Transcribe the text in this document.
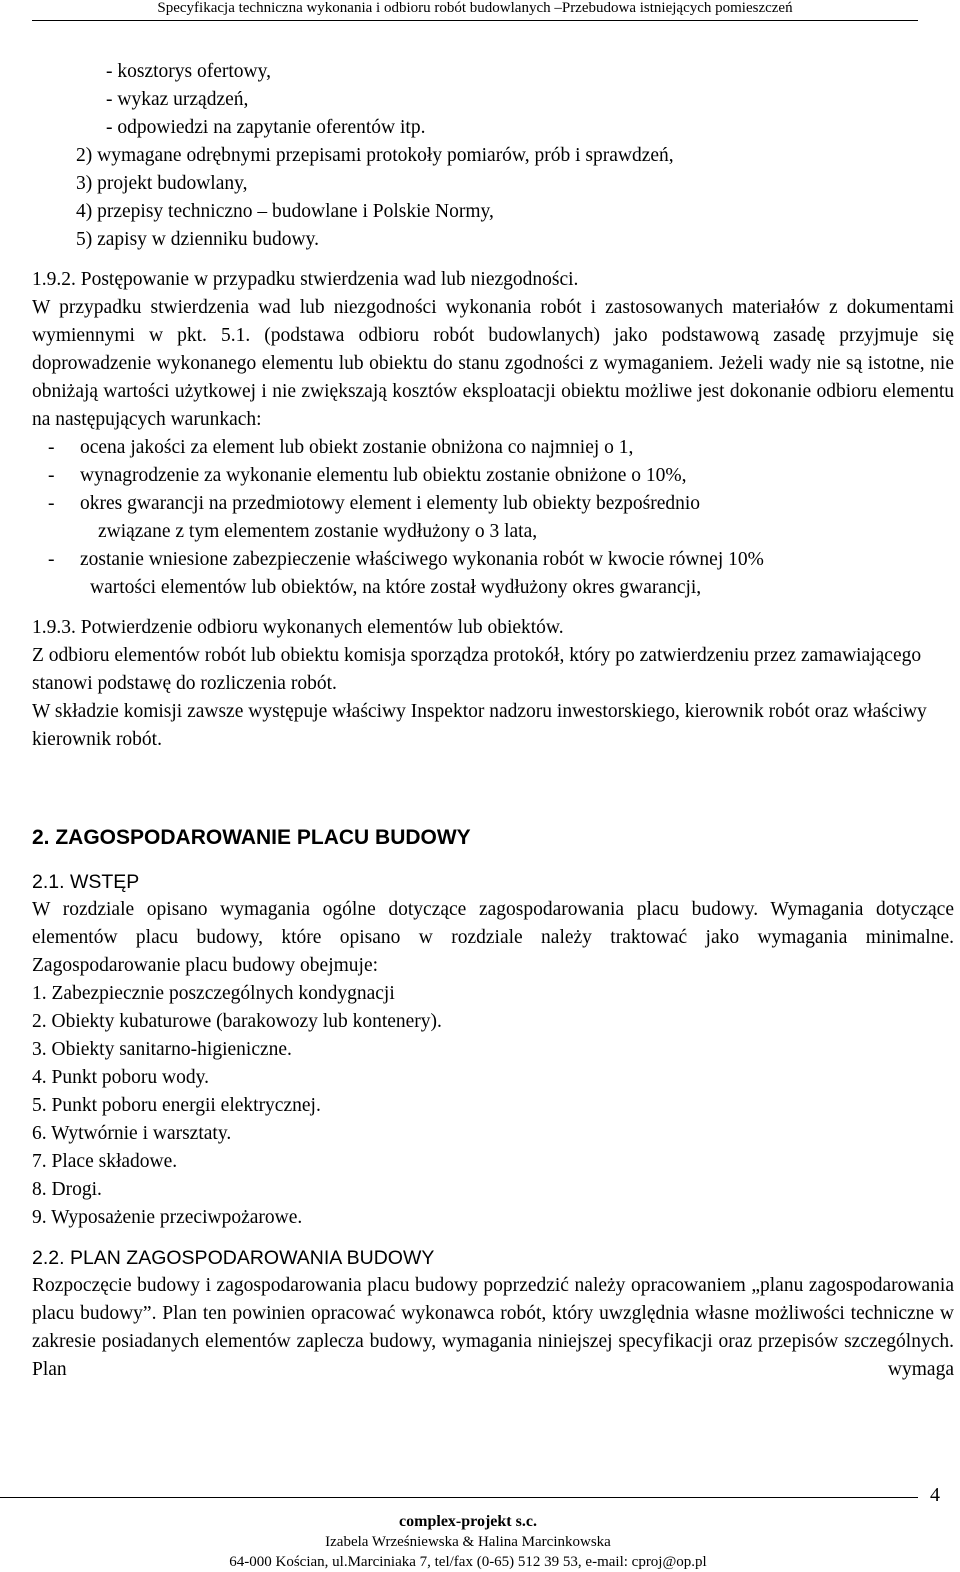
Specyfikacja techniczna wykonania i odbioru robót budowlanych –Przebudowa istniejących pomieszczeń

- kosztorys ofertowy,

- wykaz urządzeń,

- odpowiedzi na zapytanie oferentów itp.

2) wymagane odrębnymi przepisami protokoły pomiarów, prób i sprawdzeń,

3) projekt budowlany,

4) przepisy techniczno – budowlane i Polskie Normy,

5) zapisy w dzienniku budowy.

1.9.2. Postępowanie w przypadku stwierdzenia wad lub niezgodności.

W przypadku stwierdzenia wad lub niezgodności wykonania robót i zastosowanych materiałów z dokumentami wymiennymi w pkt. 5.1. (podstawa odbioru robót budowlanych) jako podstawową zasadę przyjmuje się doprowadzenie wykonanego elementu lub obiektu do stanu zgodności z wymaganiem. Jeżeli wady nie są istotne, nie obniżają wartości użytkowej i nie zwiększają kosztów eksploatacji obiektu możliwe jest dokonanie odbioru elementu na następujących warunkach:

-	ocena jakości za element lub obiekt zostanie obniżona co najmniej o 1,
-	wynagrodzenie za wykonanie elementu lub obiektu zostanie obniżone o 10%,
-	okres gwarancji na przedmiotowy element i elementy lub obiekty bezpośrednio

związane z tym elementem zostanie wydłużony o 3 lata,

-	zostanie wniesione zabezpieczenie właściwego wykonania robót w kwocie równej 10%

wartości elementów lub obiektów, na które został wydłużony okres gwarancji,

1.9.3. Potwierdzenie odbioru wykonanych elementów lub obiektów.

Z odbioru elementów robót lub obiektu komisja sporządza protokół, który po zatwierdzeniu przez zamawiającego stanowi podstawę do rozliczenia robót.

W składzie komisji zawsze występuje właściwy Inspektor nadzoru inwestorskiego, kierownik robót oraz właściwy kierownik robót.

2. ZAGOSPODAROWANIE PLACU BUDOWY

2.1. WSTĘP

W rozdziale opisano wymagania ogólne dotyczące zagospodarowania placu budowy. Wymagania dotyczące elementów placu budowy, które opisano w rozdziale należy traktować jako wymagania minimalne. Zagospodarowanie placu budowy obejmuje:

1. Zabezpiecznie poszczególnych kondygnacji

2. Obiekty kubaturowe (barakowozy lub kontenery).

3. Obiekty sanitarno-higieniczne.

4. Punkt poboru wody.

5. Punkt poboru energii elektrycznej.

6. Wytwórnie i warsztaty.

7. Place składowe.

8. Drogi.

9. Wyposażenie przeciwpożarowe.

2.2. PLAN ZAGOSPODAROWANIA BUDOWY

Rozpoczęcie budowy i zagospodarowania placu budowy poprzedzić należy opracowaniem „planu zagospodarowania placu budowy”. Plan ten powinien opracować wykonawca robót, który uwzględnia własne możliwości techniczne w zakresie posiadanych elementów zaplecza budowy, wymagania niniejszej specyfikacji oraz przepisów szczególnych. Plan wymaga

4
complex-projekt s.c.
Izabela Wrześniewska & Halina Marcinkowska
64-000 Kościan, ul.Marciniaka 7, tel/fax (0-65) 512 39 53, e-mail: cproj@op.pl
